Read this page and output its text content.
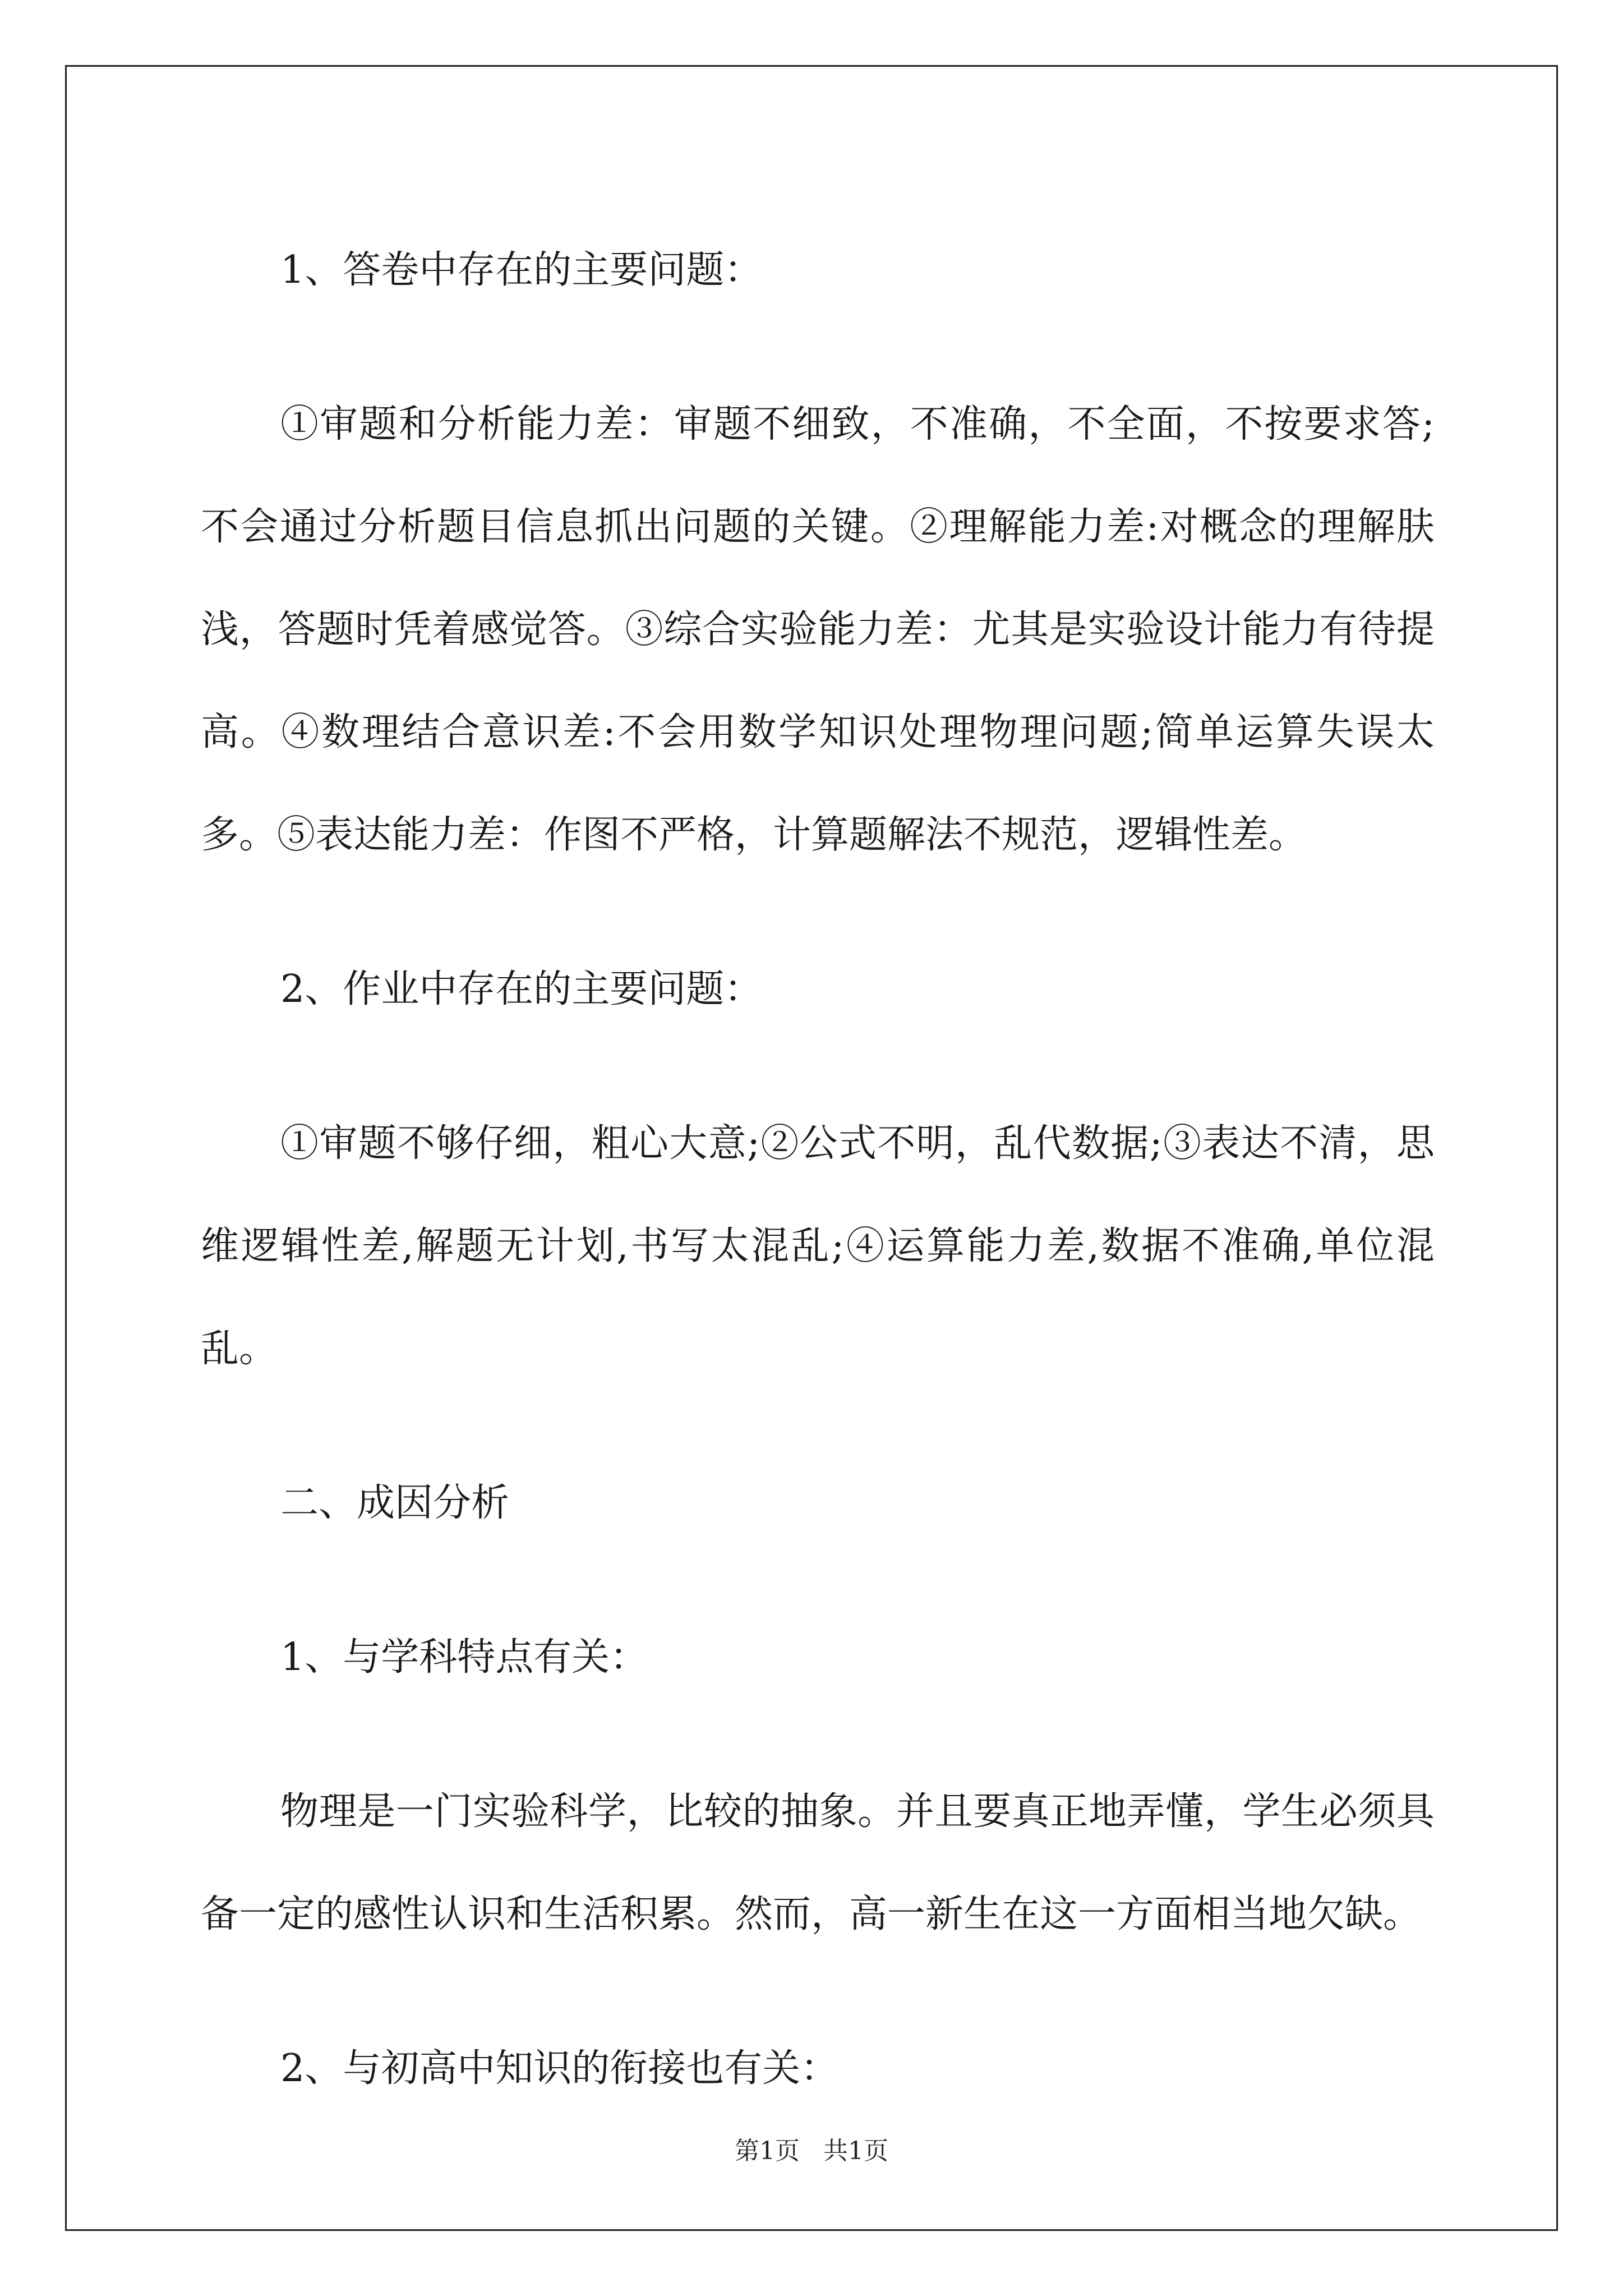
1、答卷中存在的主要问题：

①审题和分析能力差：审题不细致，不准确，不全面，不按要求答;不会通过分析题目信息抓出问题的关键。②理解能力差:对概念的理解肤浅，答题时凭着感觉答。③综合实验能力差：尤其是实验设计能力有待提高。④数理结合意识差:不会用数学知识处理物理问题;简单运算失误太多。⑤表达能力差：作图不严格，计算题解法不规范，逻辑性差。

2、作业中存在的主要问题：

①审题不够仔细，粗心大意;②公式不明，乱代数据;③表达不清，思维逻辑性差,解题无计划,书写太混乱;④运算能力差,数据不准确,单位混乱。

二、成因分析

1、与学科特点有关：

物理是一门实验科学，比较的抽象。并且要真正地弄懂，学生必须具备一定的感性认识和生活积累。然而，高一新生在这一方面相当地欠缺。

2、与初高中知识的衔接也有关：

第1页   共1页
